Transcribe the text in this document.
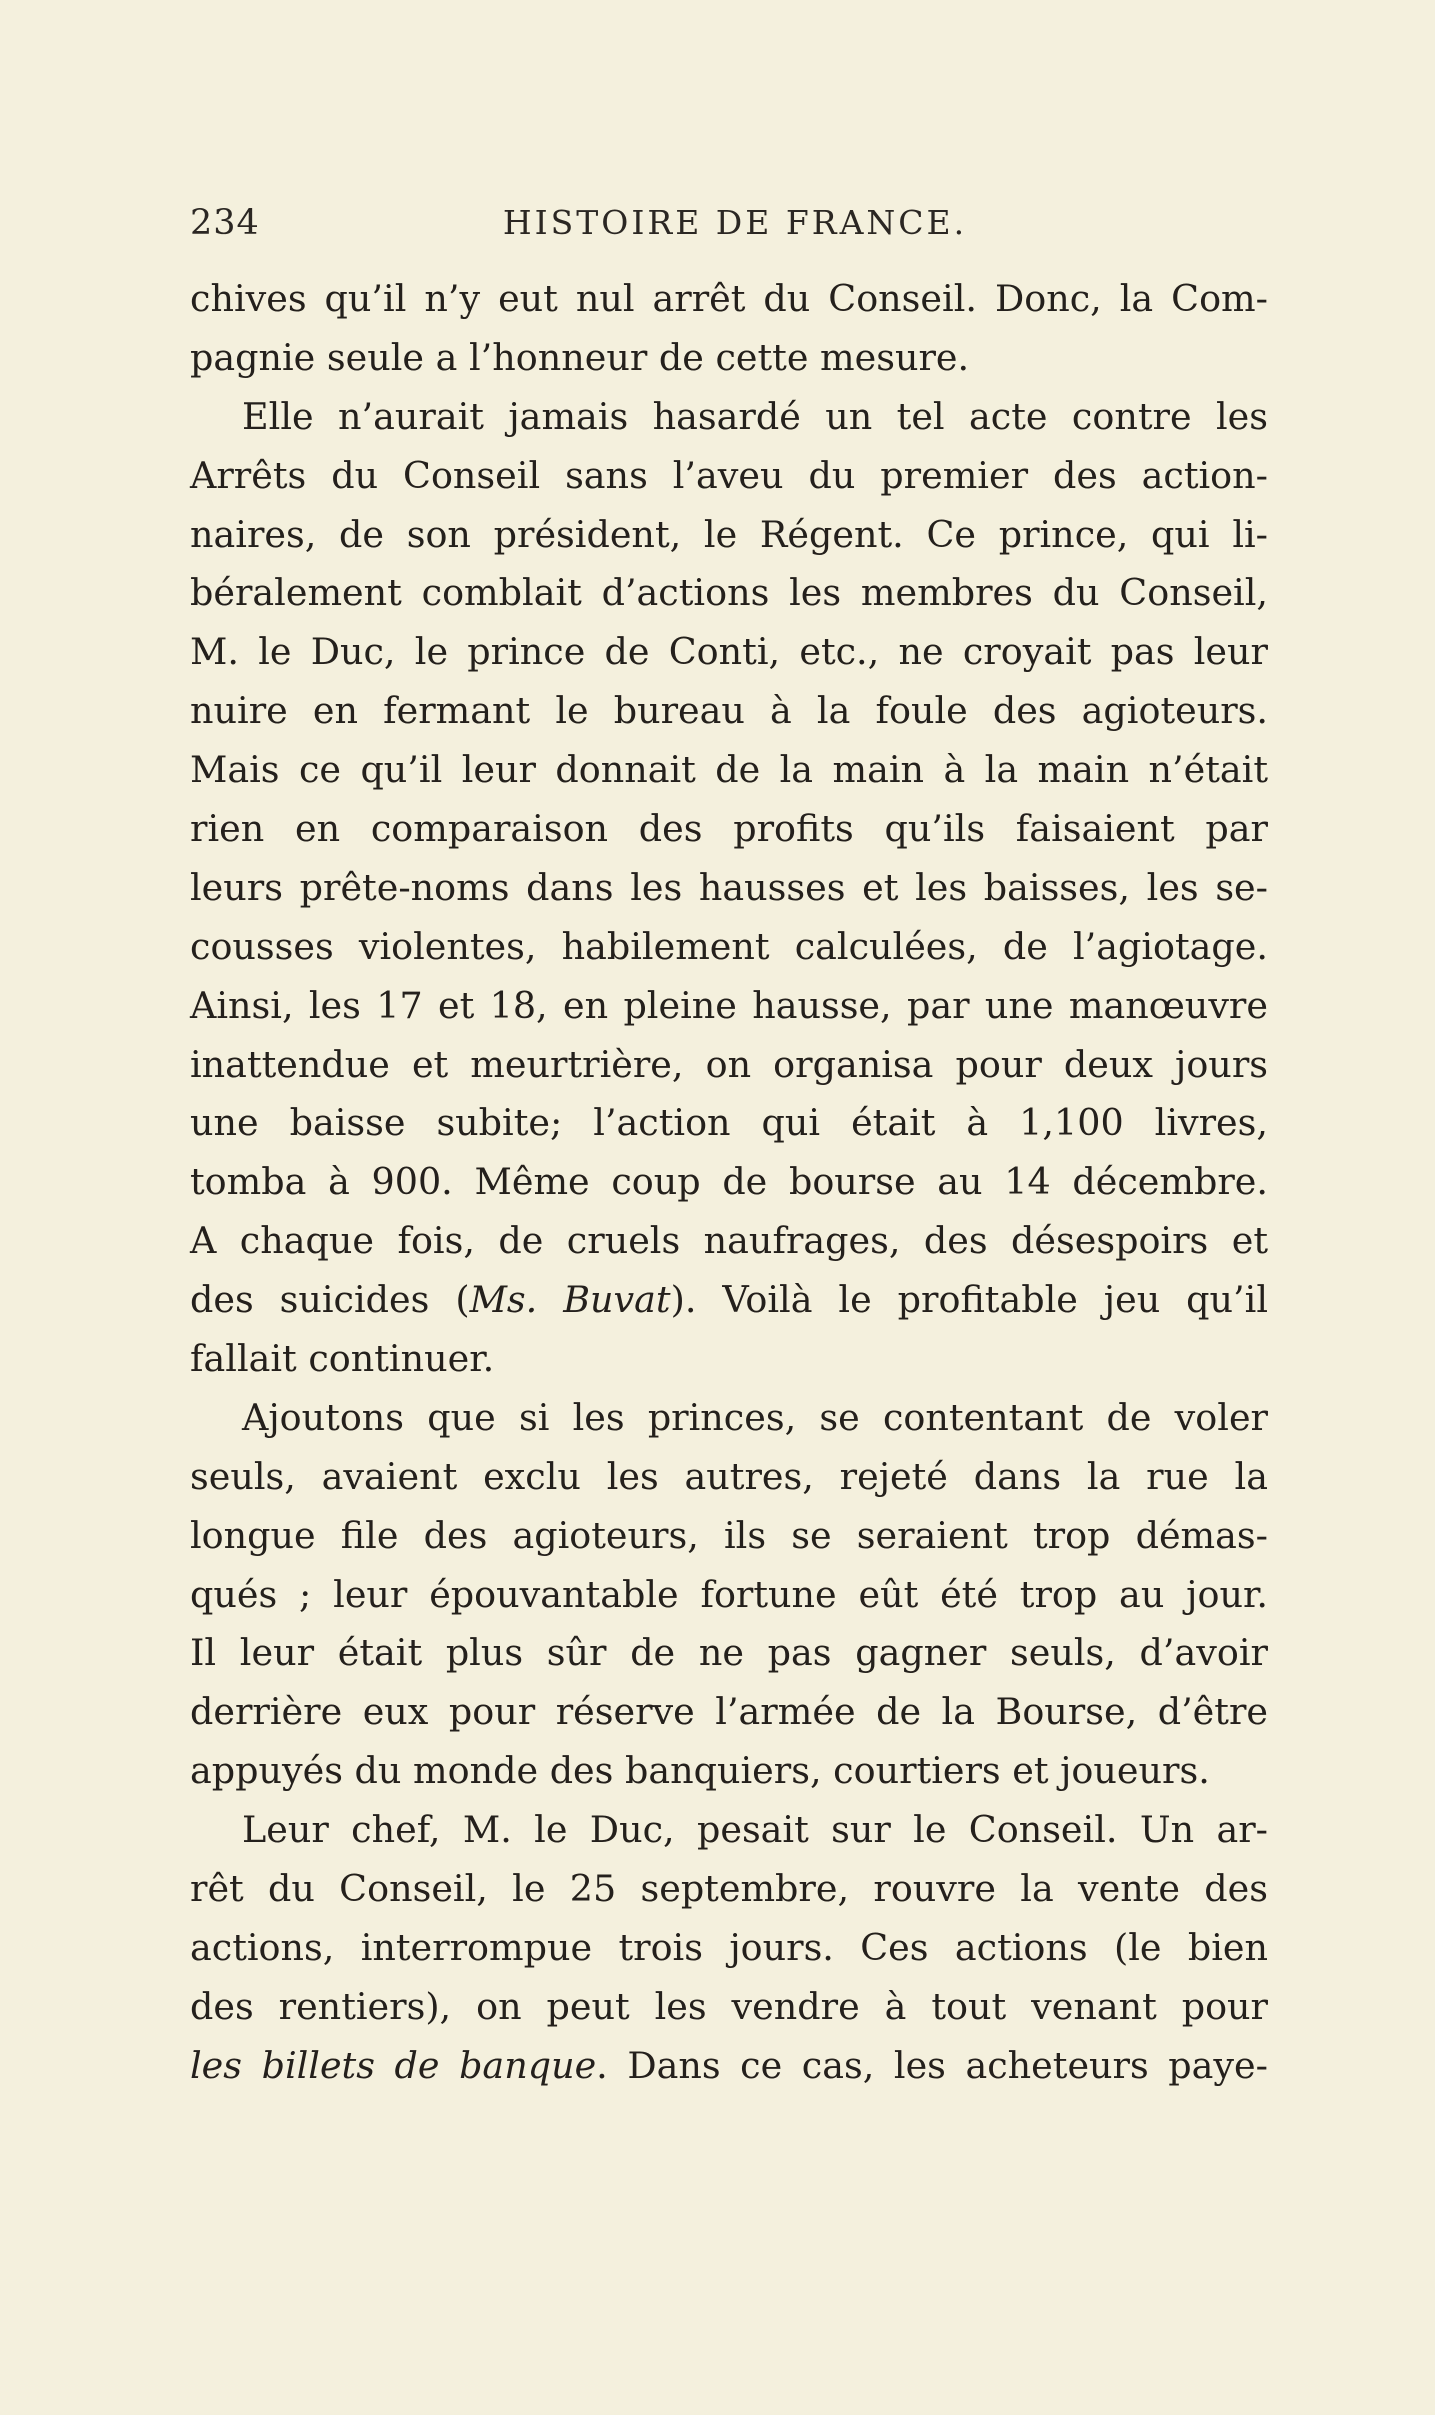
234	HISTOIRE DE FRANCE.
chives qu’il n’y eut nul arrêt du Conseil. Donc, la Com-
pagnie seule a l’honneur de cette mesure.
Elle n’aurait jamais hasardé un tel acte contre les
Arrêts du Conseil sans l’aveu du premier des action-
naires, de son président, le Régent. Ce prince, qui li-
béralement comblait d’actions les membres du Conseil,
M. le Duc, le prince de Conti, etc., ne croyait pas leur
nuire en fermant le bureau à la foule des agioteurs.
Mais ce qu’il leur donnait de la main à la main n’était
rien en comparaison des profits qu’ils faisaient par
leurs prête-noms dans les hausses et les baisses, les se-
cousses violentes, habilement calculées, de l’agiotage.
Ainsi, les 17 et 18, en pleine hausse, par une manœuvre
inattendue et meurtrière, on organisa pour deux jours
une baisse subite; l’action qui était à 1,100 livres,
tomba à 900. Même coup de bourse au 14 décembre.
A chaque fois, de cruels naufrages, des désespoirs et
des suicides (Ms. Buvat). Voilà le profitable jeu qu’il
fallait continuer.
Ajoutons que si les princes, se contentant de voler
seuls, avaient exclu les autres, rejeté dans la rue la
longue file des agioteurs, ils se seraient trop démas-
qués ; leur épouvantable fortune eût été trop au jour.
Il leur était plus sûr de ne pas gagner seuls, d’avoir
derrière eux pour réserve l’armée de la Bourse, d’être
appuyés du monde des banquiers, courtiers et joueurs.
Leur chef, M. le Duc, pesait sur le Conseil. Un ar-
rêt du Conseil, le 25 septembre, rouvre la vente des
actions, interrompue trois jours. Ces actions (le bien
des rentiers), on peut les vendre à tout venant pour
les billets de banque. Dans ce cas, les acheteurs paye-
